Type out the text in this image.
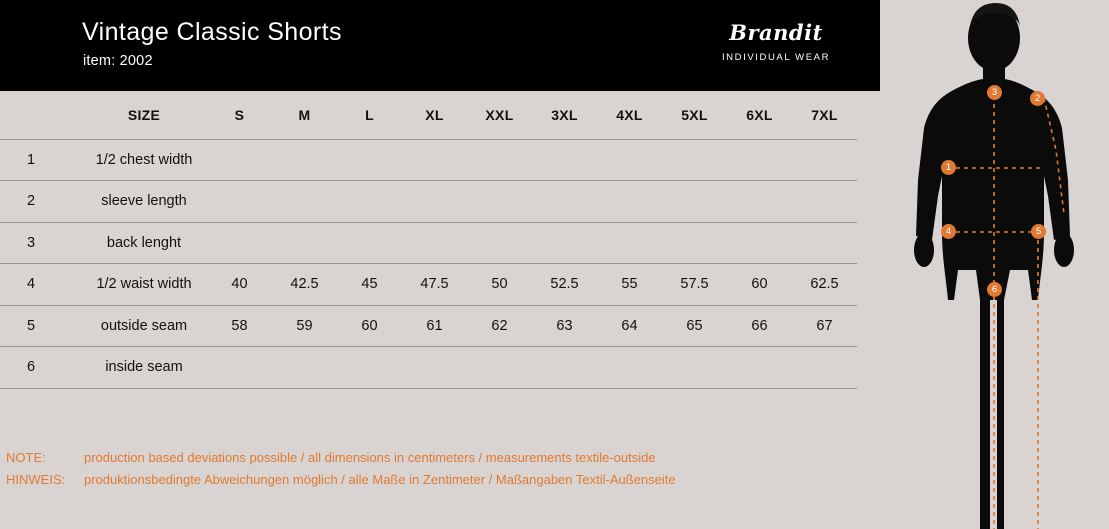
Vintage Classic Shorts
item: 2002
Brandit
INDIVIDUAL WEAR
	SIZE	S	M	L	XL	XXL	3XL	4XL	5XL	6XL	7XL
1	1/2 chest width										
2	sleeve length										
3	back lenght										
4	1/2 waist width	40	42.5	45	47.5	50	52.5	55	57.5	60	62.5
5	outside seam	58	59	60	61	62	63	64	65	66	67
6	inside seam										
NOTE:	production based deviations possible / all dimensions in centimeters / measurements textile-outside
HINWEIS: produktionsbedingte Abweichungen möglich / alle Maße in Zentimeter / Maßangaben Textil-Außenseite
1
2
3
4	5
6
